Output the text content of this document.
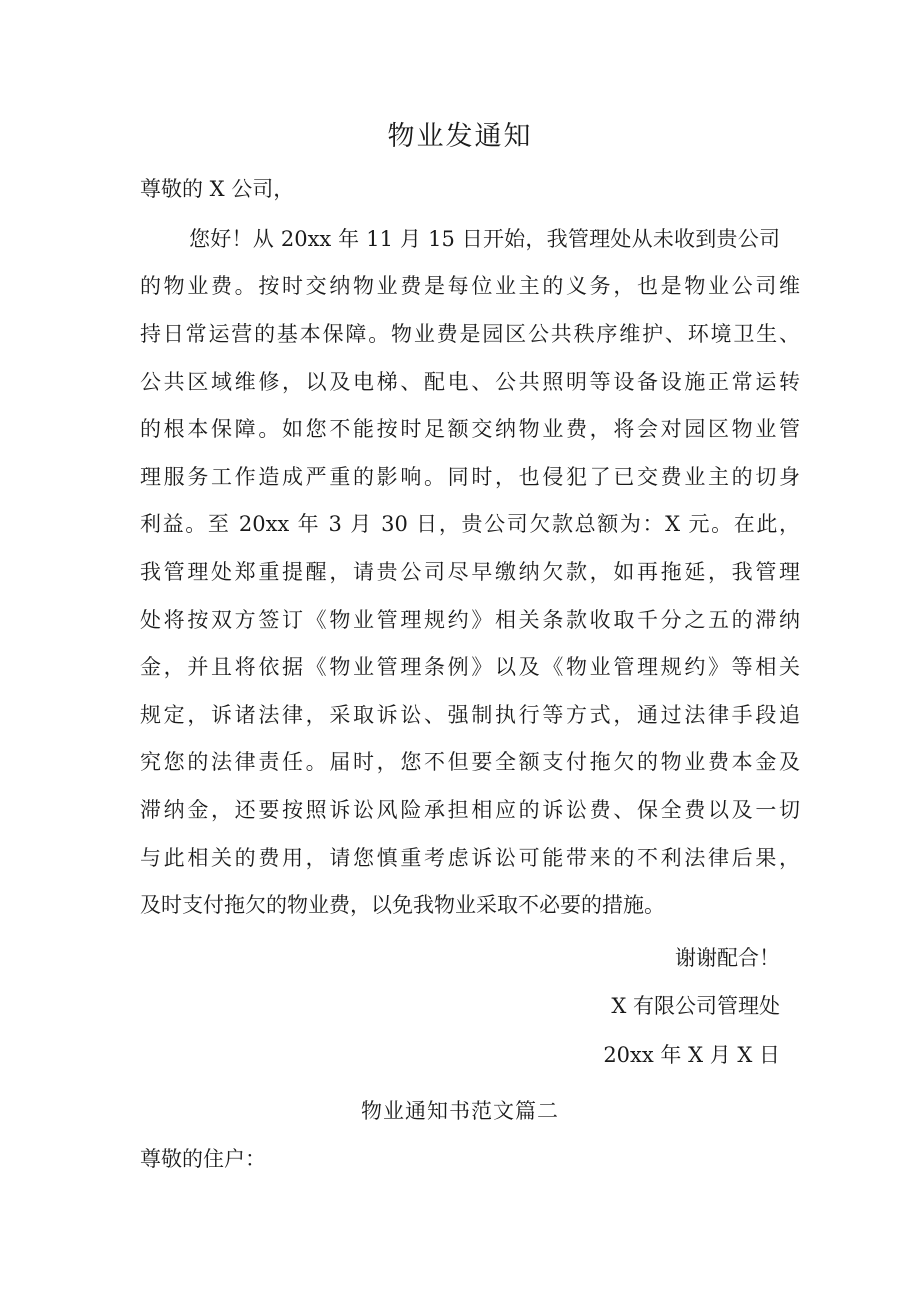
物业发通知
尊敬的 X 公司，
您好！从 20xx 年 11 月 15 日开始，我管理处从未收到贵公司
的物业费。按时交纳物业费是每位业主的义务，也是物业公司维
持日常运营的基本保障。物业费是园区公共秩序维护、环境卫生、
公共区域维修，以及电梯、配电、公共照明等设备设施正常运转
的根本保障。如您不能按时足额交纳物业费，将会对园区物业管
理服务工作造成严重的影响。同时，也侵犯了已交费业主的切身
利益。至 20xx 年 3 月 30 日，贵公司欠款总额为：X 元。在此，
我管理处郑重提醒，请贵公司尽早缴纳欠款，如再拖延，我管理
处将按双方签订《物业管理规约》相关条款收取千分之五的滞纳
金，并且将依据《物业管理条例》以及《物业管理规约》等相关
规定，诉诸法律，采取诉讼、强制执行等方式，通过法律手段追
究您的法律责任。届时，您不但要全额支付拖欠的物业费本金及
滞纳金，还要按照诉讼风险承担相应的诉讼费、保全费以及一切
与此相关的费用，请您慎重考虑诉讼可能带来的不利法律后果，
及时支付拖欠的物业费，以免我物业采取不必要的措施。
谢谢配合！
X 有限公司管理处
20xx 年 X 月 X 日
物业通知书范文篇二
尊敬的住户：
